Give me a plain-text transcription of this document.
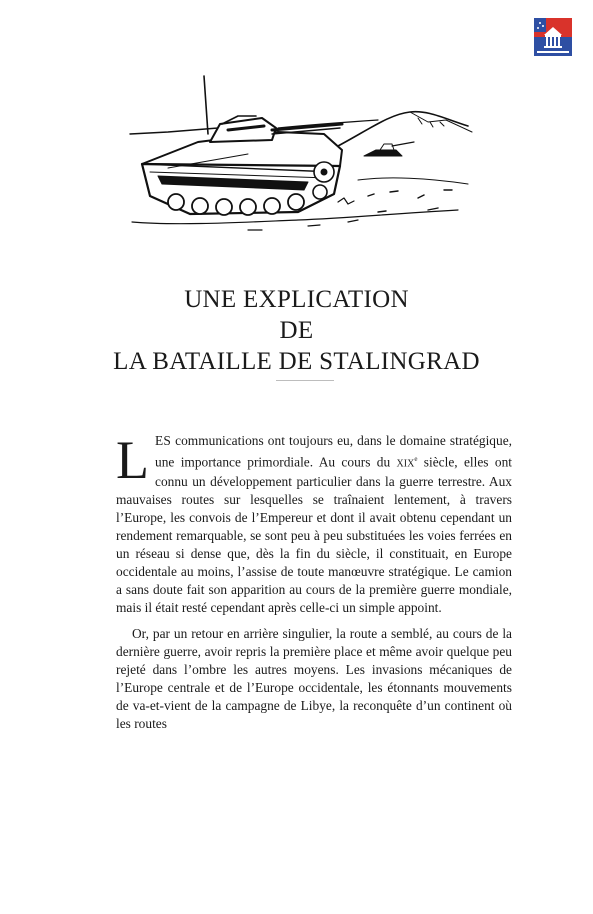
UNE EXPLICATION
DE
LA BATAILLE DE STALINGRAD

LES communications ont toujours eu, dans le domaine stratégique, une importance primordiale. Au cours du XIXe siècle, elles ont connu un développement particulier dans la guerre terrestre. Aux mauvaises routes sur lesquelles se traînaient lentement, à travers l’Europe, les convois de l’Empereur et dont il avait obtenu cependant un rendement remarquable, se sont peu à peu substituées les voies ferrées en un réseau si dense que, dès la fin du siècle, il constituait, en Europe occidentale au moins, l’assise de toute manœuvre stratégique. Le camion a sans doute fait son apparition au cours de la première guerre mondiale, mais il était resté cependant après celle-ci un simple appoint.

Or, par un retour en arrière singulier, la route a semblé, au cours de la dernière guerre, avoir repris la première place et même avoir quelque peu rejeté dans l’ombre les autres moyens. Les invasions mécaniques de l’Europe centrale et de l’Europe occidentale, les étonnants mouvements de va-et-vient de la campagne de Libye, la reconquête d’un continent où les routes
